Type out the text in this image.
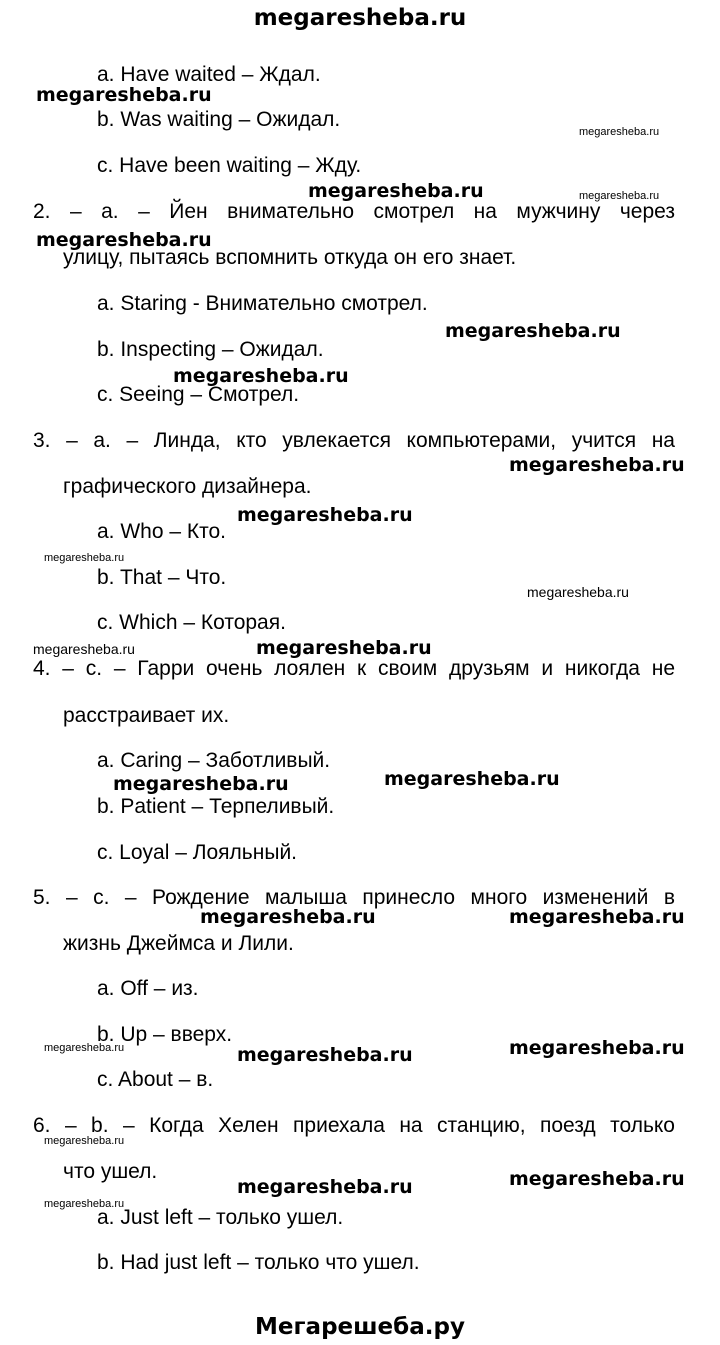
megaresheba.ru
a. Have waited – Ждал.
b. Was waiting – Ожидал.
c. Have been waiting – Жду.
2. – a. – Йен внимательно смотрел на мужчину через
улицу, пытаясь вспомнить откуда он его знает.
a. Staring - Внимательно смотрел.
b. Inspecting – Ожидал.
c. Seeing – Смотрел.
3. – a. – Линда, кто увлекается компьютерами, учится на
графического дизайнера.
a. Who – Кто.
b. That – Что.
c. Which – Которая.
4. – c. – Гарри очень лоялен к своим друзьям и никогда не
расстраивает их.
a. Caring – Заботливый.
b. Patient – Терпеливый.
c. Loyal – Лояльный.
5. – c. – Рождение малыша принесло много изменений в
жизнь Джеймса и Лили.
a. Off – из.
b. Up – вверх.
c. About – в.
6. – b. – Когда Хелен приехала на станцию, поезд только
что ушел.
a. Just left – только ушел.
b. Had just left – только что ушел.
megaresheba.ru
megaresheba.ru
megaresheba.ru	megaresheba.ru
megaresheba.ru
megaresheba.ru
megaresheba.ru
megaresheba.ru
megaresheba.ru
megaresheba.ru
megaresheba.ru
megaresheba.ru	megaresheba.ru
megaresheba.ru	megaresheba.ru
megaresheba.ru	megaresheba.ru
megaresheba.ru	megaresheba.ru	megaresheba.ru
megaresheba.ru
megaresheba.ru
megaresheba.ru
megaresheba.ru
Мегарешеба.ру
